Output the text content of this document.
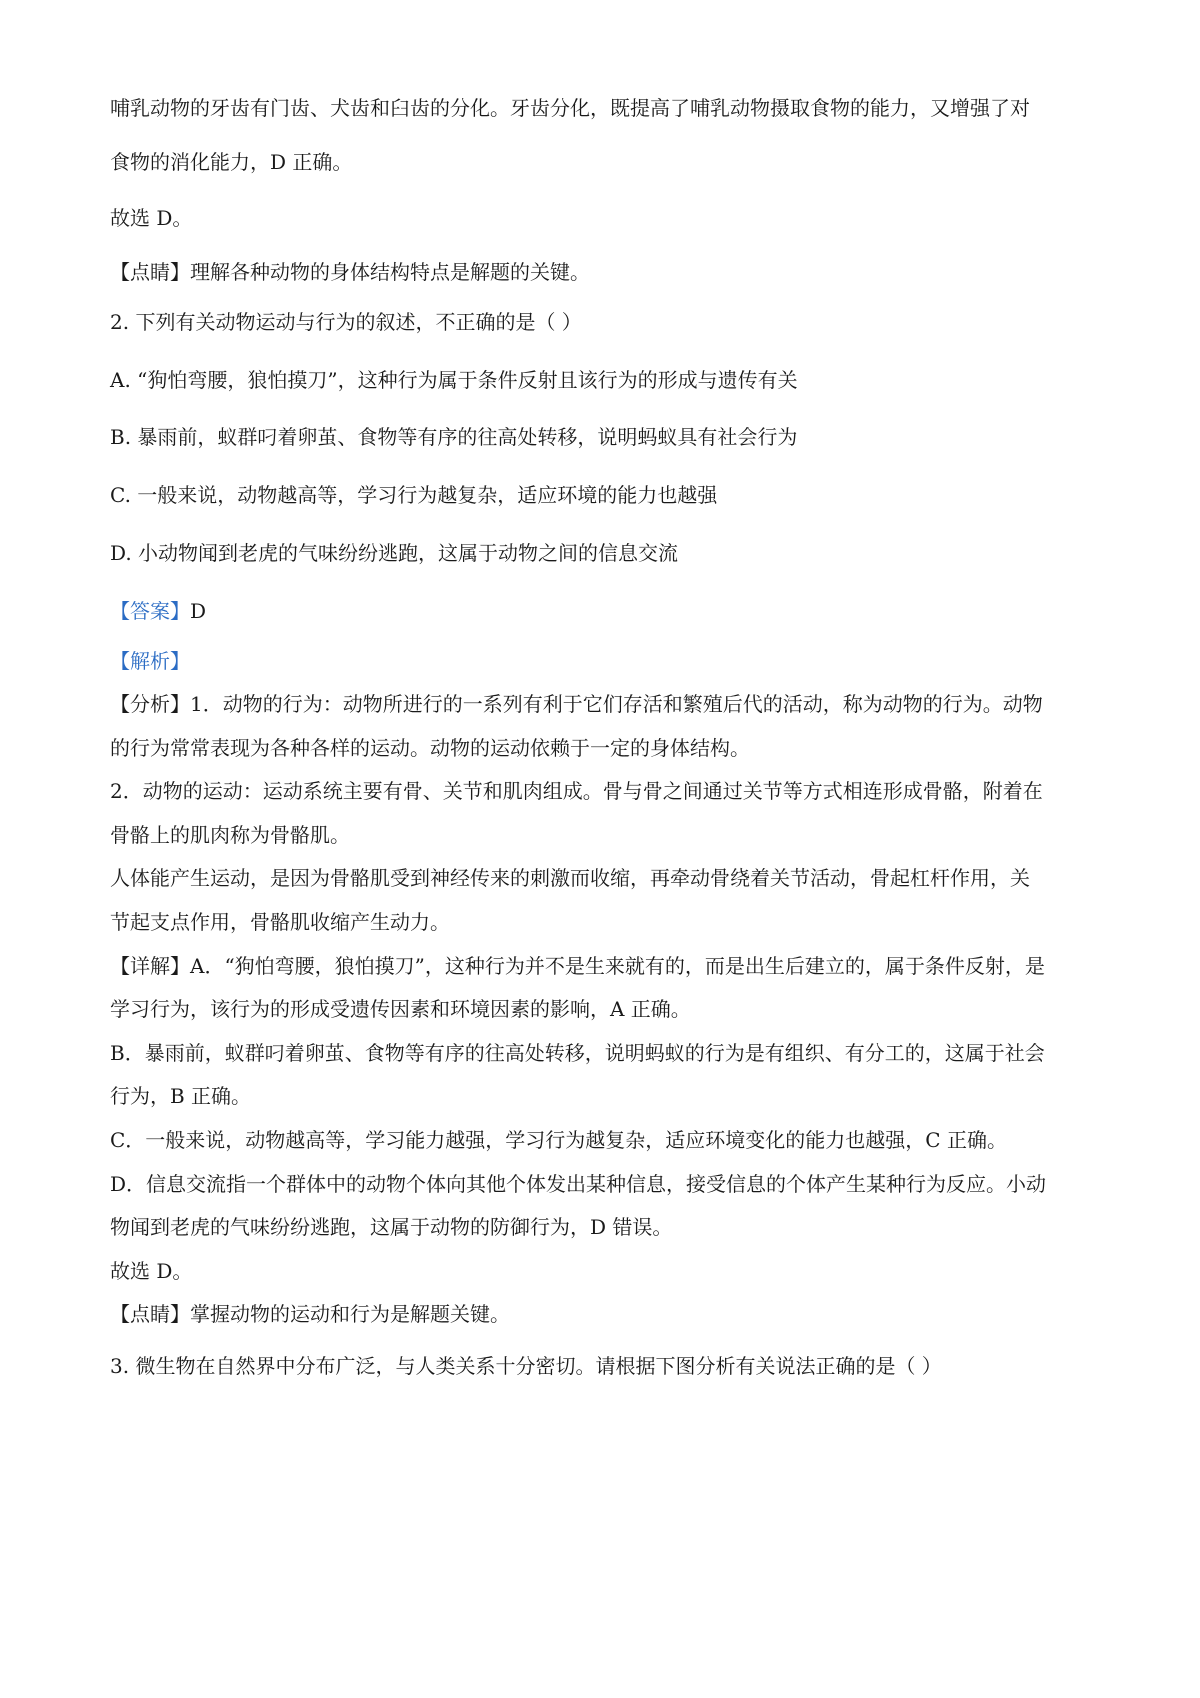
哺乳动物的牙齿有门齿、犬齿和臼齿的分化。牙齿分化，既提高了哺乳动物摄取食物的能力，又增强了对
食物的消化能力，D 正确。
故选 D。
【点睛】理解各种动物的身体结构特点是解题的关键。
2. 下列有关动物运动与行为的叙述，不正确的是（ ）
A. “狗怕弯腰，狼怕摸刀”，这种行为属于条件反射且该行为的形成与遗传有关
B. 暴雨前，蚁群叼着卵茧、食物等有序的往高处转移，说明蚂蚁具有社会行为
C. 一般来说，动物越高等，学习行为越复杂，适应环境的能力也越强
D. 小动物闻到老虎的气味纷纷逃跑，这属于动物之间的信息交流
【答案】D
【解析】
【分析】1．动物的行为：动物所进行的一系列有利于它们存活和繁殖后代的活动，称为动物的行为。动物
的行为常常表现为各种各样的运动。动物的运动依赖于一定的身体结构。
2．动物的运动：运动系统主要有骨、关节和肌肉组成。骨与骨之间通过关节等方式相连形成骨骼，附着在
骨骼上的肌肉称为骨骼肌。
人体能产生运动，是因为骨骼肌受到神经传来的刺激而收缩，再牵动骨绕着关节活动，骨起杠杆作用，关
节起支点作用，骨骼肌收缩产生动力。
【详解】A．“狗怕弯腰，狼怕摸刀”，这种行为并不是生来就有的，而是出生后建立的，属于条件反射，是
学习行为，该行为的形成受遗传因素和环境因素的影响，A 正确。
B．暴雨前，蚁群叼着卵茧、食物等有序的往高处转移，说明蚂蚁的行为是有组织、有分工的，这属于社会
行为，B 正确。
C．一般来说，动物越高等，学习能力越强，学习行为越复杂，适应环境变化的能力也越强，C 正确。
D．信息交流指一个群体中的动物个体向其他个体发出某种信息，接受信息的个体产生某种行为反应。小动
物闻到老虎的气味纷纷逃跑，这属于动物的防御行为，D 错误。
故选 D。
【点睛】掌握动物的运动和行为是解题关键。
3. 微生物在自然界中分布广泛，与人类关系十分密切。请根据下图分析有关说法正确的是（ ）
